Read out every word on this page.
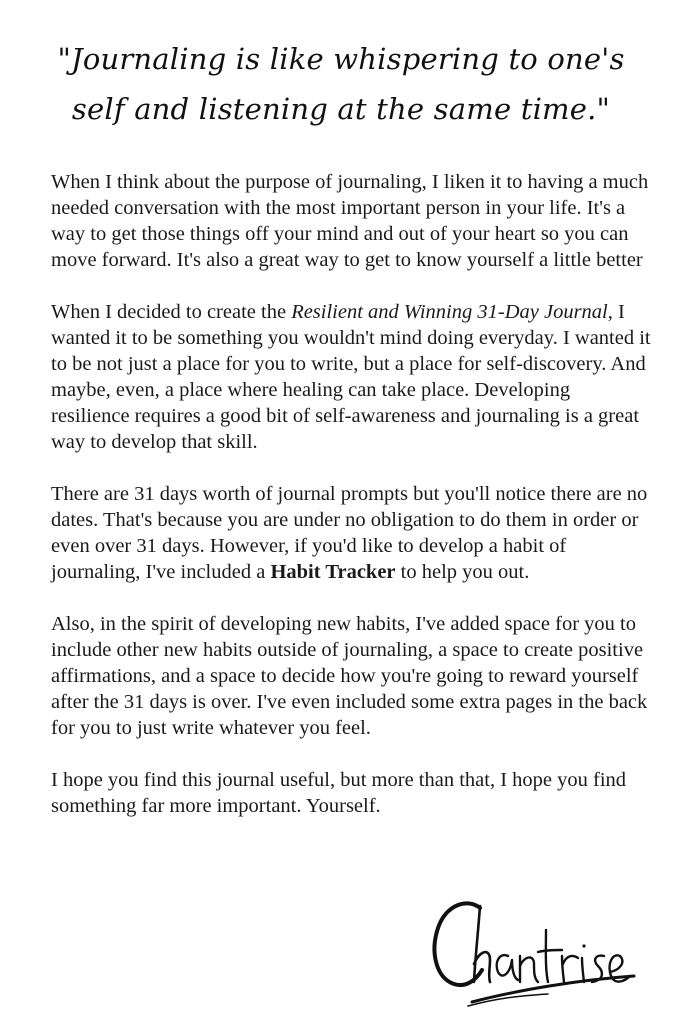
"Journaling is like whispering to one's
self and listening at the same time."

When I think about the purpose of journaling, I liken it to having a much needed conversation with the most important person in your life. It's a way to get those things off your mind and out of your heart so you can move forward. It's also a great way to get to know yourself a little better

When I decided to create the Resilient and Winning 31-Day Journal, I wanted it to be something you wouldn't mind doing everyday. I wanted it to be not just a place for you to write, but a place for self-discovery. And maybe, even, a place where healing can take place. Developing resilience requires a good bit of self-awareness and journaling is a great way to develop that skill.

There are 31 days worth of journal prompts but you'll notice there are no dates. That's because you are under no obligation to do them in order or even over 31 days. However, if you'd like to develop a habit of journaling, I've included a Habit Tracker to help you out.

Also, in the spirit of developing new habits, I've added space for you to include other new habits outside of journaling, a space to create positive affirmations, and a space to decide how you're going to reward yourself after the 31 days is over. I've even included some extra pages in the back for you to just write whatever you feel.

I hope you find this journal useful, but more than that, I hope you find something far more important. Yourself.
